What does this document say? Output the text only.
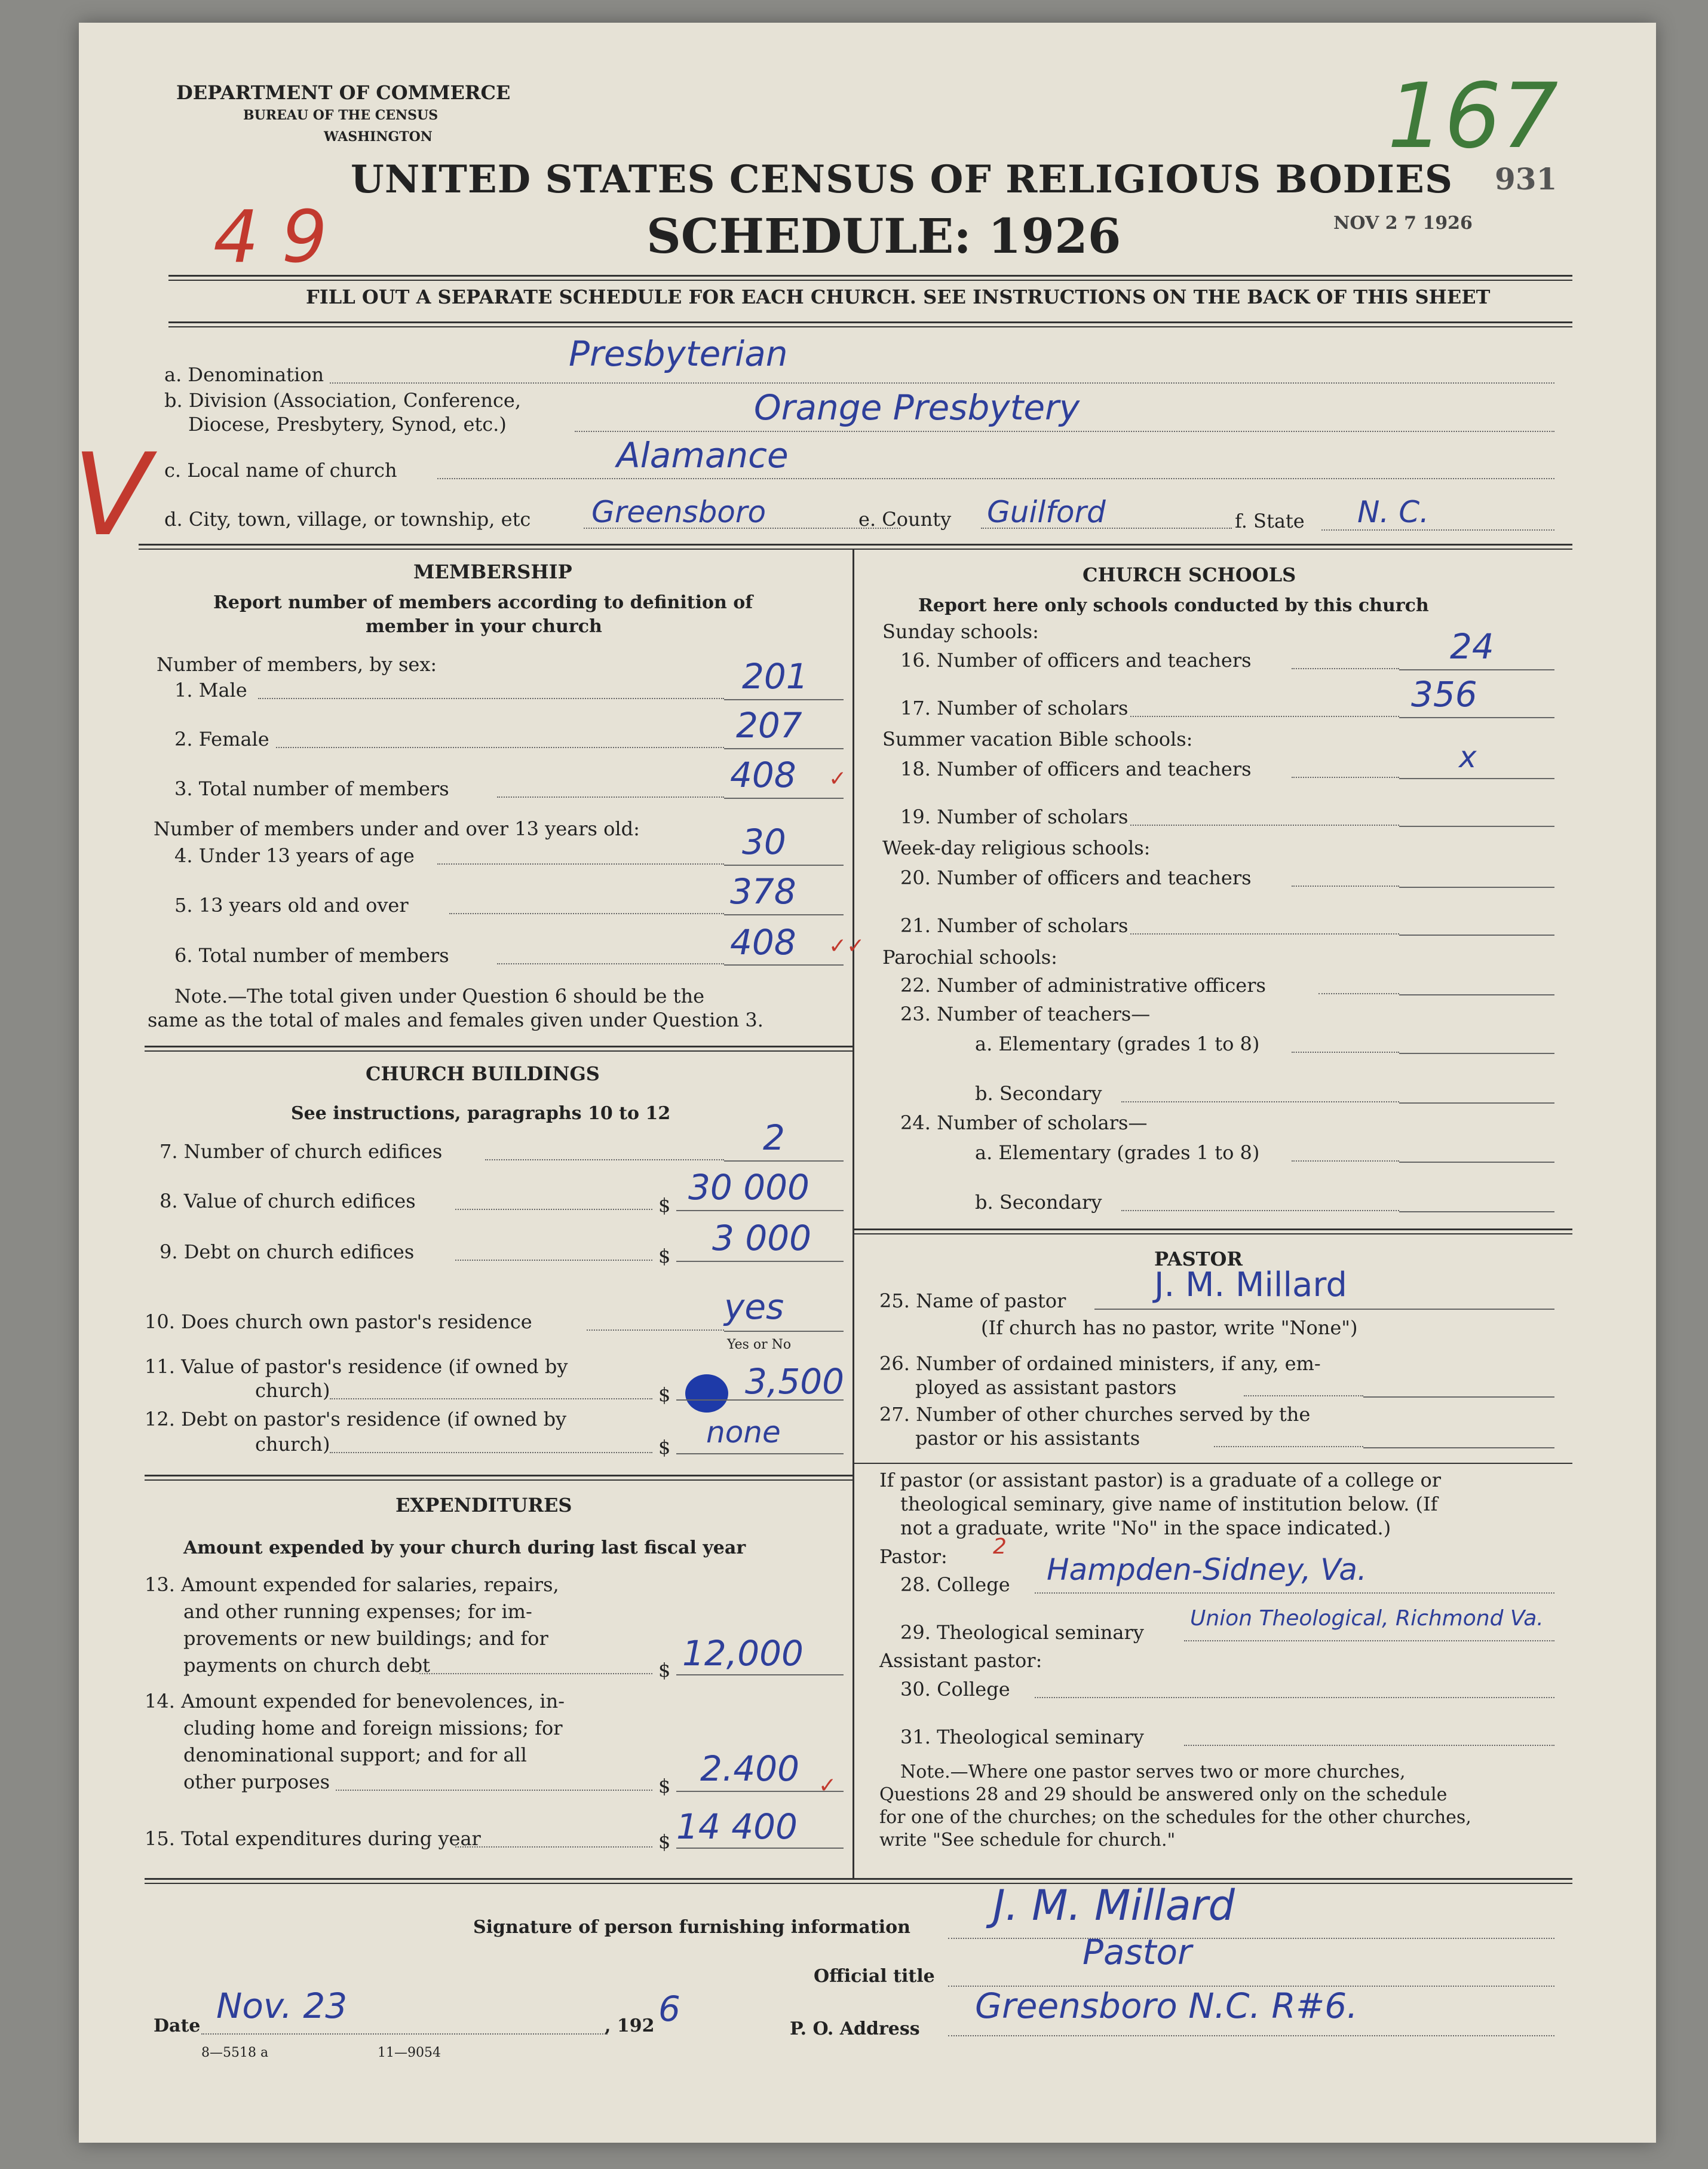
DEPARTMENT OF COMMERCE
BUREAU OF THE CENSUS
WASHINGTON
4 9
167
UNITED STATES CENSUS OF RELIGIOUS BODIES
SCHEDULE: 1926	NOV 2 7 1926
931
FILL OUT A SEPARATE SCHEDULE FOR EACH CHURCH. SEE INSTRUCTIONS ON THE BACK OF THIS SHEET
a. Denomination
Presbyterian
b. Division (Association, Conference,
Diocese, Presbytery, Synod, etc.)	Orange Presbytery
c. Local name of church	Alamance
V d. City, town, village, or township, etc Greensboro	e. County Guilford	f. State N. C.
MEMBERSHIP
Report number of members according to definition of
member in your church
Number of members, by sex:
1. Male	201
2. Female	207
3. Total number of members	408 ✓
Number of members under and over 13 years old:
4. Under 13 years of age	30
5. 13 years old and over	378
6. Total number of members	408 ✓✓
Note.—The total given under Question 6 should be the
same as the total of males and females given under Question 3.
CHURCH BUILDINGS
See instructions, paragraphs 10 to 12
7. Number of church edifices	2
8. Value of church edifices	$ 30 000
9. Debt on church edifices	$ 3 000
10. Does church own pastor's residence	yes
Yes or No
11. Value of pastor's residence (if owned by
church)	$ 3,500
12. Debt on pastor's residence (if owned by
church)	$ none
EXPENDITURES
Amount expended by your church during last fiscal year
13. Amount expended for salaries, repairs,
and other running expenses; for im-
provements or new buildings; and for
payments on church debt	$ 12,000
14. Amount expended for benevolences, in-
cluding home and foreign missions; for
denominational support; and for all
other purposes	$ 2.400 ✓
15. Total expenditures during year	$ 14 400
CHURCH SCHOOLS
Report here only schools conducted by this church
Sunday schools:
16. Number of officers and teachers	24
17. Number of scholars	356
Summer vacation Bible schools:
18. Number of officers and teachers	x
19. Number of scholars
Week-day religious schools:
20. Number of officers and teachers
21. Number of scholars
Parochial schools:
22. Number of administrative officers
23. Number of teachers—
a. Elementary (grades 1 to 8)
b. Secondary
24. Number of scholars—
a. Elementary (grades 1 to 8)
b. Secondary
PASTOR
25. Name of pastor	J. M. Millard
(If church has no pastor, write "None")
26. Number of ordained ministers, if any, em-
ployed as assistant pastors
27. Number of other churches served by the
pastor or his assistants
If pastor (or assistant pastor) is a graduate of a college or
theological seminary, give name of institution below. (If
not a graduate, write "No" in the space indicated.)
Pastor: 2
28. College Hampden-Sidney, Va.
29. Theological seminary
Union Theological, Richmond Va.
Assistant pastor:
30. College
31. Theological seminary
Note.—Where one pastor serves two or more churches,
Questions 28 and 29 should be answered only on the schedule
for one of the churches; on the schedules for the other churches,
write "See schedule for church."
Signature of person furnishing information J. M. Millard
Official title
Pastor
Date Nov. 23	, 192 6	P. O. Address
Greensboro N.C. R#6.
8—5518 a	11—9054
